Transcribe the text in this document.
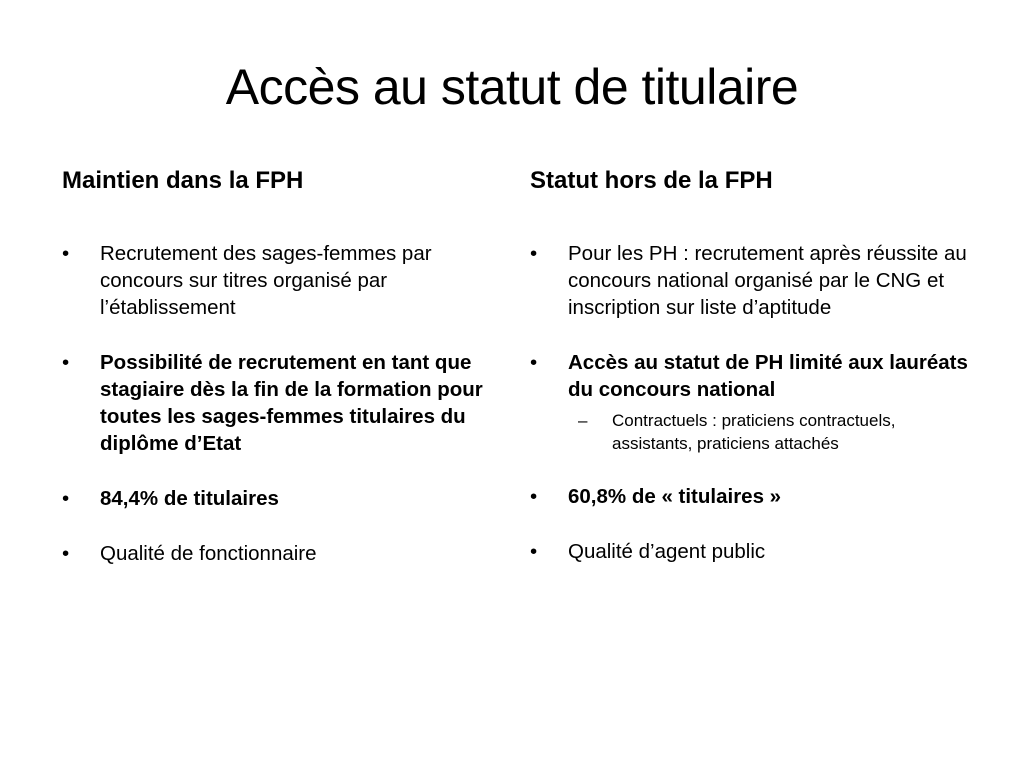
Accès au statut de titulaire
Maintien dans la FPH
•	Recrutement des sages-femmes par concours sur titres organisé par l’établissement
•	Possibilité de recrutement en tant que stagiaire dès la fin de la formation pour toutes les sages-femmes titulaires du diplôme d’Etat
•	84,4% de titulaires
•	Qualité de fonctionnaire
Statut hors de la FPH
•	Pour les PH : recrutement après réussite au concours national organisé par le CNG et inscription sur liste d’aptitude
•	Accès au statut de PH limité aux lauréats du concours national
– Contractuels : praticiens contractuels, assistants, praticiens attachés
•	60,8% de « titulaires »
•	Qualité d’agent public
